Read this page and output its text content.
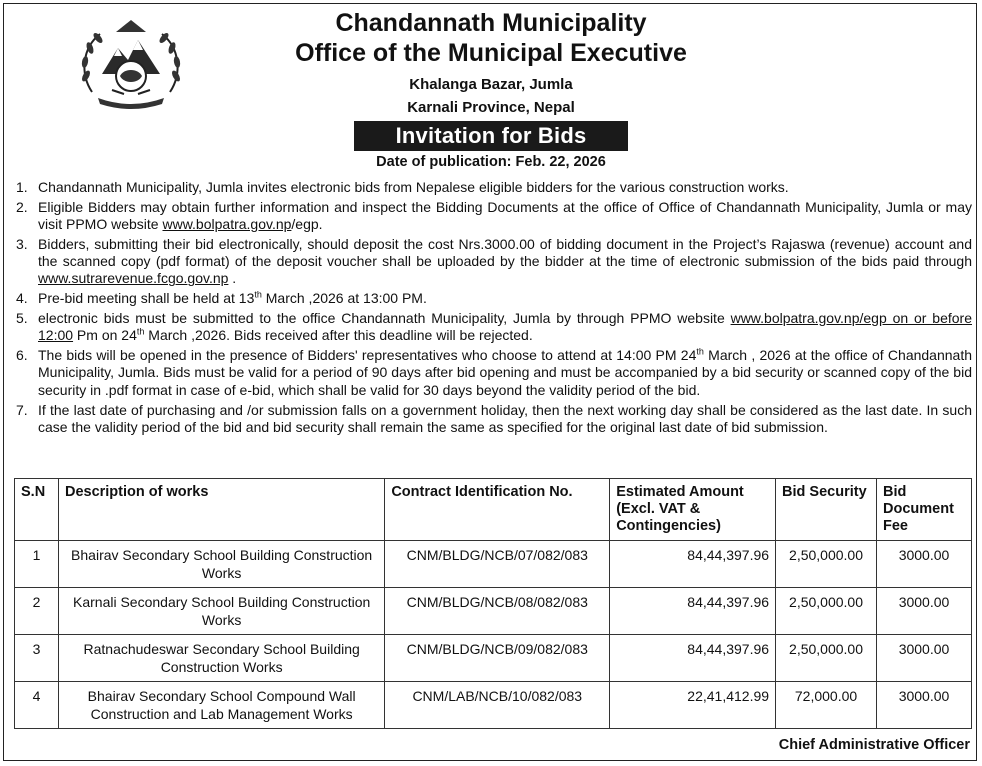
Chandannath Municipality
Office of the Municipal Executive
Khalanga Bazar, Jumla
Karnali Province, Nepal
Invitation for Bids
Date of publication: Feb. 22, 2026
1. Chandannath Municipality, Jumla invites electronic bids from Nepalese eligible bidders for the various construction works.
2. Eligible Bidders may obtain further information and inspect the Bidding Documents at the office of Office of Chandannath Municipality, Jumla or may visit PPMO website www.bolpatra.gov.np/egp.
3. Bidders, submitting their bid electronically, should deposit the cost Nrs.3000.00 of bidding document in the Project’s Rajaswa (revenue) account and the scanned copy (pdf format) of the deposit voucher shall be uploaded by the bidder at the time of electronic submission of the bids paid through www.sutrarevenue.fcgo.gov.np .
4. Pre-bid meeting shall be held at 13th March ,2026 at 13:00 PM.
5. electronic bids must be submitted to the office Chandannath Municipality, Jumla by through PPMO website www.bolpatra.gov.np/egp on or before 12:00 Pm on 24th March ,2026. Bids received after this deadline will be rejected.
6. The bids will be opened in the presence of Bidders' representatives who choose to attend at 14:00 PM 24th March , 2026 at the office of Chandannath Municipality, Jumla. Bids must be valid for a period of 90 days after bid opening and must be accompanied by a bid security or scanned copy of the bid security in .pdf format in case of e-bid, which shall be valid for 30 days beyond the validity period of the bid.
7. If the last date of purchasing and /or submission falls on a government holiday, then the next working day shall be considered as the last date. In such case the validity period of the bid and bid security shall remain the same as specified for the original last date of bid submission.
S.N	Description of works	Contract Identification No.	Estimated Amount (Excl. VAT & Contingencies)	Bid Security	Bid Document Fee
1	Bhairav Secondary School Building Construction Works	CNM/BLDG/NCB/07/082/083	84,44,397.96	2,50,000.00	3000.00
2	Karnali Secondary School Building Construction Works	CNM/BLDG/NCB/08/082/083	84,44,397.96	2,50,000.00	3000.00
3	Ratnachudeswar Secondary School Building Construction Works	CNM/BLDG/NCB/09/082/083	84,44,397.96	2,50,000.00	3000.00
4	Bhairav Secondary School Compound Wall Construction and Lab Management Works	CNM/LAB/NCB/10/082/083	22,41,412.99	72,000.00	3000.00
Chief Administrative Officer
